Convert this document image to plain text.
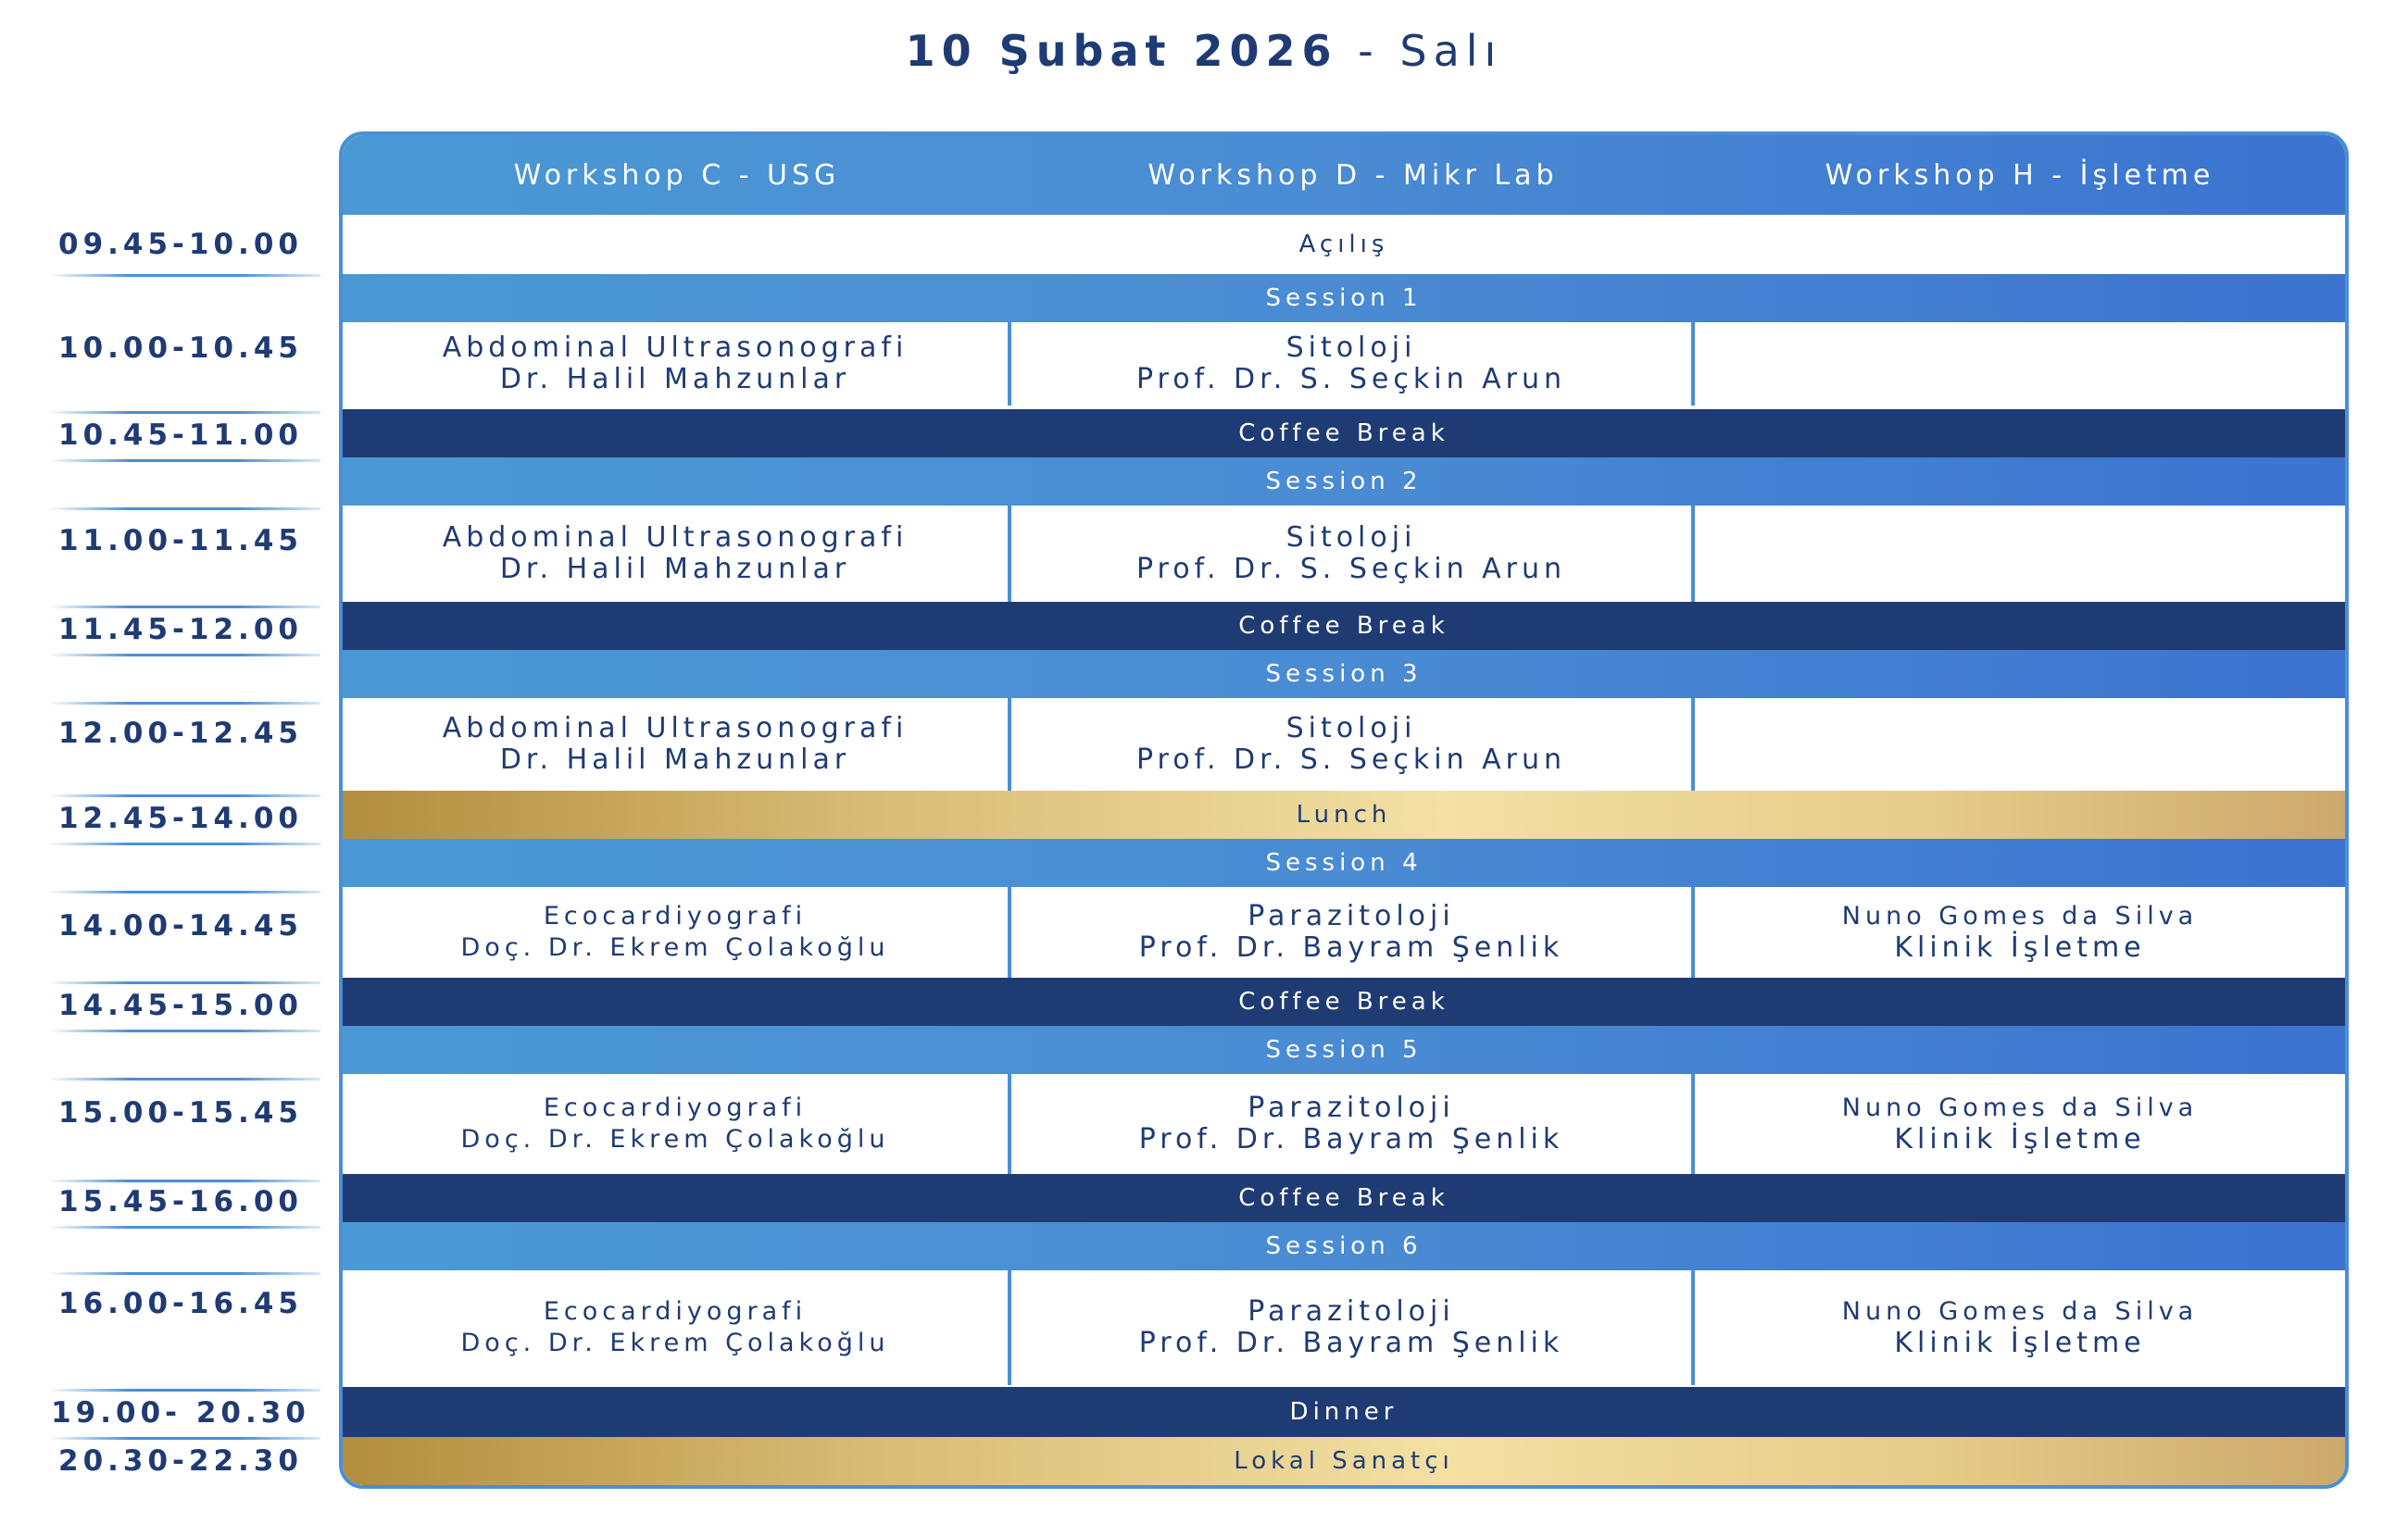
10 Şubat 2026 - Salı
09.45-10.00
10.00-10.45
10.45-11.00
11.00-11.45
11.45-12.00
12.00-12.45
12.45-14.00
14.00-14.45
14.45-15.00
15.00-15.45
15.45-16.00
16.00-16.45
19.00- 20.30
20.30-22.30
Workshop C - USG	Workshop D - Mikr Lab	Workshop H - İşletme
Açılış
Session 1
Abdominal Ultrasonografi
Dr. Halil Mahzunlar
Sitoloji
Prof. Dr. S. Seçkin Arun
Coffee Break
Session 2
Abdominal Ultrasonografi
Dr. Halil Mahzunlar
Sitoloji
Prof. Dr. S. Seçkin Arun
Coffee Break
Session 3
Abdominal Ultrasonografi
Dr. Halil Mahzunlar
Sitoloji
Prof. Dr. S. Seçkin Arun
Lunch
Session 4
Ecocardiyografi
Doç. Dr. Ekrem Çolakoğlu
Parazitoloji
Prof. Dr. Bayram Şenlik
Nuno Gomes da Silva
Klinik İşletme
Coffee Break
Session 5
Ecocardiyografi
Doç. Dr. Ekrem Çolakoğlu
Parazitoloji
Prof. Dr. Bayram Şenlik
Nuno Gomes da Silva
Klinik İşletme
Coffee Break
Session 6
Ecocardiyografi
Doç. Dr. Ekrem Çolakoğlu
Parazitoloji
Prof. Dr. Bayram Şenlik
Nuno Gomes da Silva
Klinik İşletme
Dinner
Lokal Sanatçı
